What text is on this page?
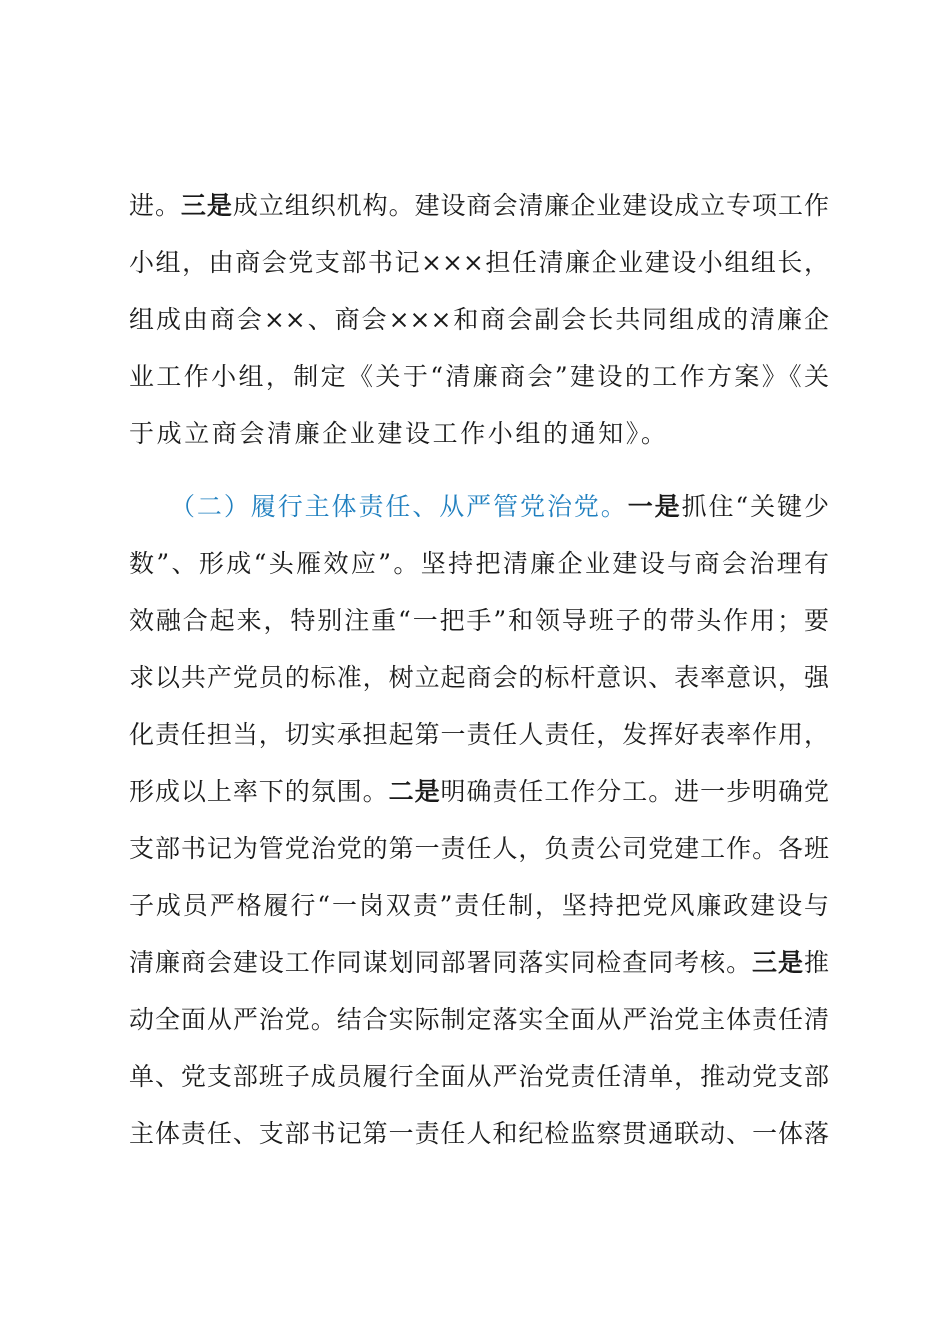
进。三是成立组织机构。建设商会清廉企业建设成立专项工作
小组，由商会党支部书记×××担任清廉企业建设小组组长，
组成由商会××、商会×××和商会副会长共同组成的清廉企
业工作小组，制定《关于“清廉商会”建设的工作方案》《关
于成立商会清廉企业建设工作小组的通知》。
（二）履行主体责任、从严管党治党。一是抓住“关键少
数”、形成“头雁效应”。坚持把清廉企业建设与商会治理有
效融合起来，特别注重“一把手”和领导班子的带头作用；要
求以共产党员的标准，树立起商会的标杆意识、表率意识，强
化责任担当，切实承担起第一责任人责任，发挥好表率作用，
形成以上率下的氛围。二是明确责任工作分工。进一步明确党
支部书记为管党治党的第一责任人，负责公司党建工作。各班
子成员严格履行“一岗双责”责任制，坚持把党风廉政建设与
清廉商会建设工作同谋划同部署同落实同检查同考核。三是推
动全面从严治党。结合实际制定落实全面从严治党主体责任清
单、党支部班子成员履行全面从严治党责任清单，推动党支部
主体责任、支部书记第一责任人和纪检监察贯通联动、一体落
